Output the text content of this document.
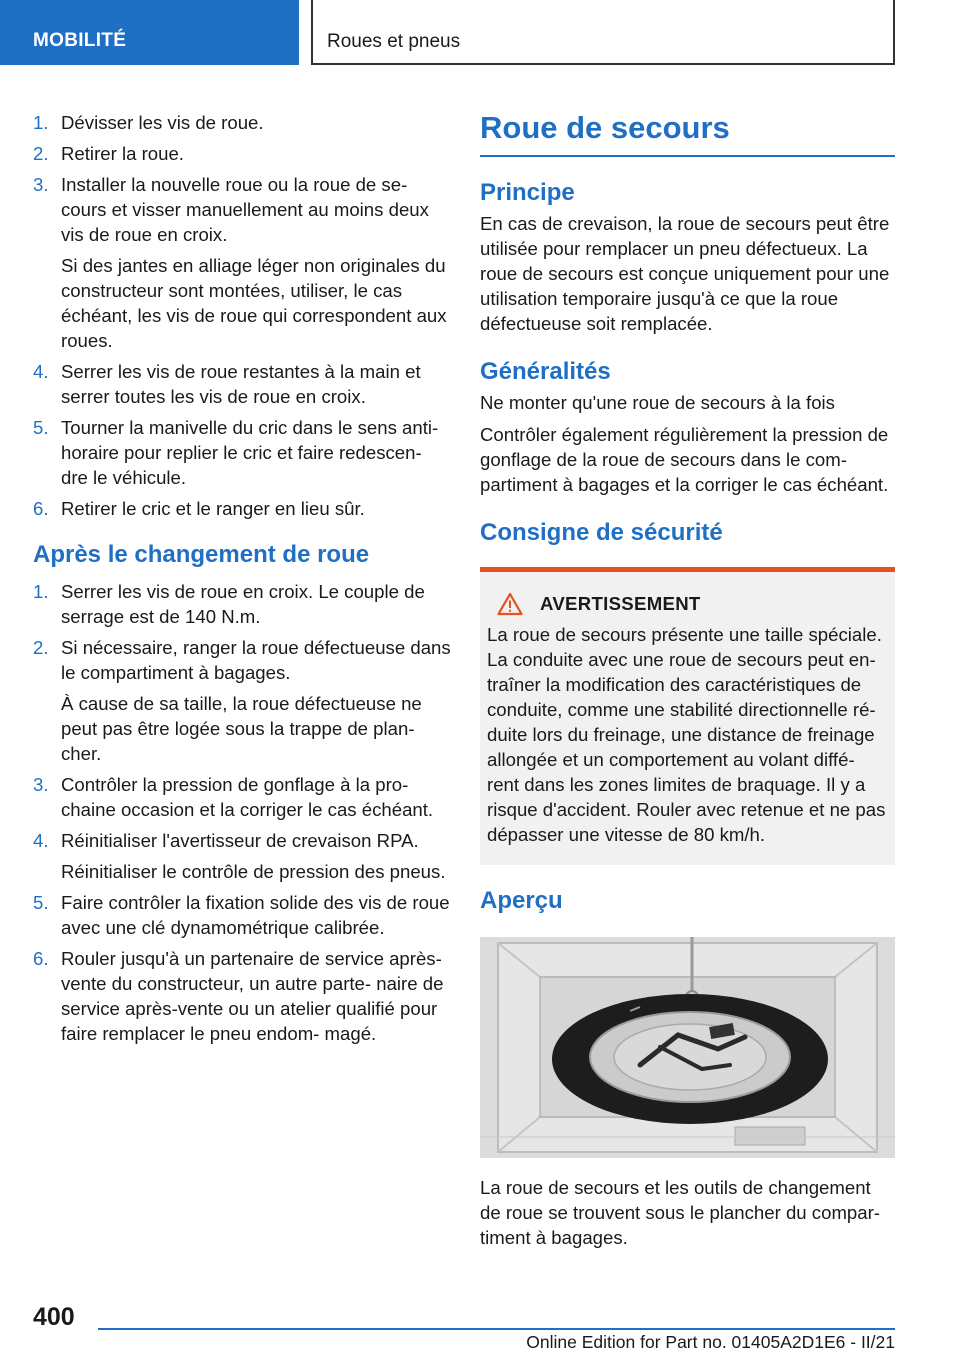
MOBILITÉ	Roues et pneus
1. Dévisser les vis de roue.
2. Retirer la roue.
3. Installer la nouvelle roue ou la roue de se‐ cours et visser manuellement au moins deux vis de roue en croix.
Si des jantes en alliage léger non originales du constructeur sont montées, utiliser, le cas échéant, les vis de roue qui correspondent aux roues.
4. Serrer les vis de roue restantes à la main et serrer toutes les vis de roue en croix.
5. Tourner la manivelle du cric dans le sens anti‐ horaire pour replier le cric et faire redescen‐ dre le véhicule.
6. Retirer le cric et le ranger en lieu sûr.
Après le changement de roue
1. Serrer les vis de roue en croix. Le couple de serrage est de 140 N.m.
2. Si nécessaire, ranger la roue défectueuse dans le compartiment à bagages.
À cause de sa taille, la roue défectueuse ne peut pas être logée sous la trappe de plan‐ cher.
3. Contrôler la pression de gonflage à la pro‐ chaine occasion et la corriger le cas échéant.
4. Réinitialiser l'avertisseur de crevaison RPA.
Réinitialiser le contrôle de pression des pneus.
5. Faire contrôler la fixation solide des vis de roue avec une clé dynamométrique calibrée.
6. Rouler jusqu'à un partenaire de service après-vente du constructeur, un autre parte‐ naire de service après-vente ou un atelier qualifié pour faire remplacer le pneu endom‐ magé.
Roue de secours
Principe

En cas de crevaison, la roue de secours peut être utilisée pour remplacer un pneu défectueux. La roue de secours est conçue uniquement pour une utilisation temporaire jusqu'à ce que la roue défectueuse soit remplacée.

Généralités

Ne monter qu'une roue de secours à la fois

Contrôler également régulièrement la pression de gonflage de la roue de secours dans le com‐ partiment à bagages et la corriger le cas échéant.

Consigne de sécurité
AVERTISSEMENT

La roue de secours présente une taille spéciale. La conduite avec une roue de secours peut en‐ traîner la modification des caractéristiques de conduite, comme une stabilité directionnelle ré‐ duite lors du freinage, une distance de freinage allongée et un comportement au volant diffé‐ rent dans les zones limites de braquage. Il y a risque d'accident. Rouler avec retenue et ne pas dépasser une vitesse de 80 km/h.

Aperçu

La roue de secours et les outils de changement de roue se trouvent sous le plancher du compar‐ timent à bagages.

400
Online Edition for Part no. 01405A2D1E6 - II/21
